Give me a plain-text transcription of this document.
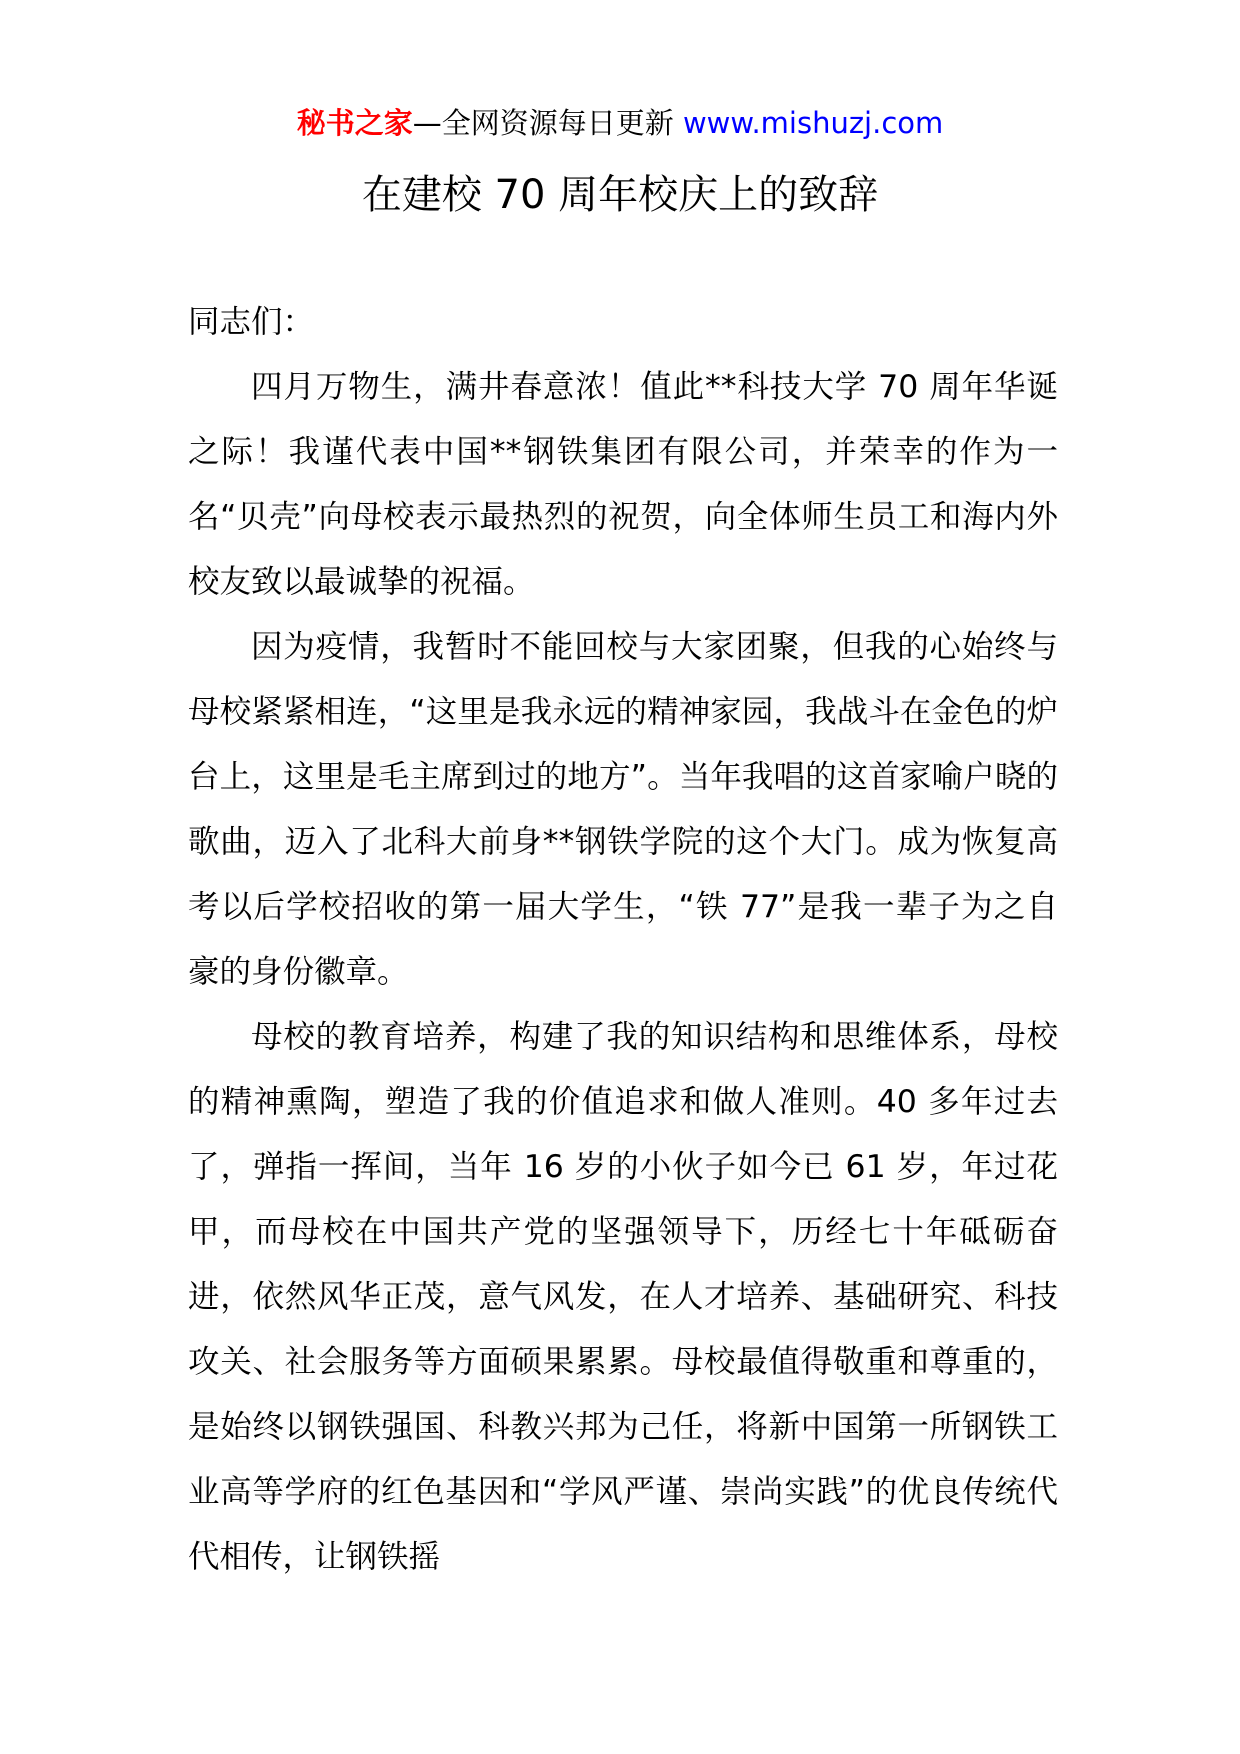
秘书之家—全网资源每日更新 www.mishuzj.com
在建校 70 周年校庆上的致辞

同志们：

四月万物生，满井春意浓！值此**科技大学 70 周年华诞之际！我谨代表中国**钢铁集团有限公司，并荣幸的作为一名“贝壳”向母校表示最热烈的祝贺，向全体师生员工和海内外校友致以最诚挚的祝福。

因为疫情，我暂时不能回校与大家团聚，但我的心始终与母校紧紧相连，“这里是我永远的精神家园，我战斗在金色的炉台上，这里是毛主席到过的地方”。当年我唱的这首家喻户晓的歌曲，迈入了北科大前身**钢铁学院的这个大门。成为恢复高考以后学校招收的第一届大学生，“铁 77”是我一辈子为之自豪的身份徽章。

母校的教育培养，构建了我的知识结构和思维体系，母校的精神熏陶，塑造了我的价值追求和做人准则。40 多年过去了，弹指一挥间，当年 16 岁的小伙子如今已 61 岁，年过花甲，而母校在中国共产党的坚强领导下，历经七十年砥砺奋进，依然风华正茂，意气风发，在人才培养、基础研究、科技攻关、社会服务等方面硕果累累。母校最值得敬重和尊重的，是始终以钢铁强国、科教兴邦为己任，将新中国第一所钢铁工业高等学府的红色基因和“学风严谨、崇尚实践”的优良传统代代相传，让钢铁摇
